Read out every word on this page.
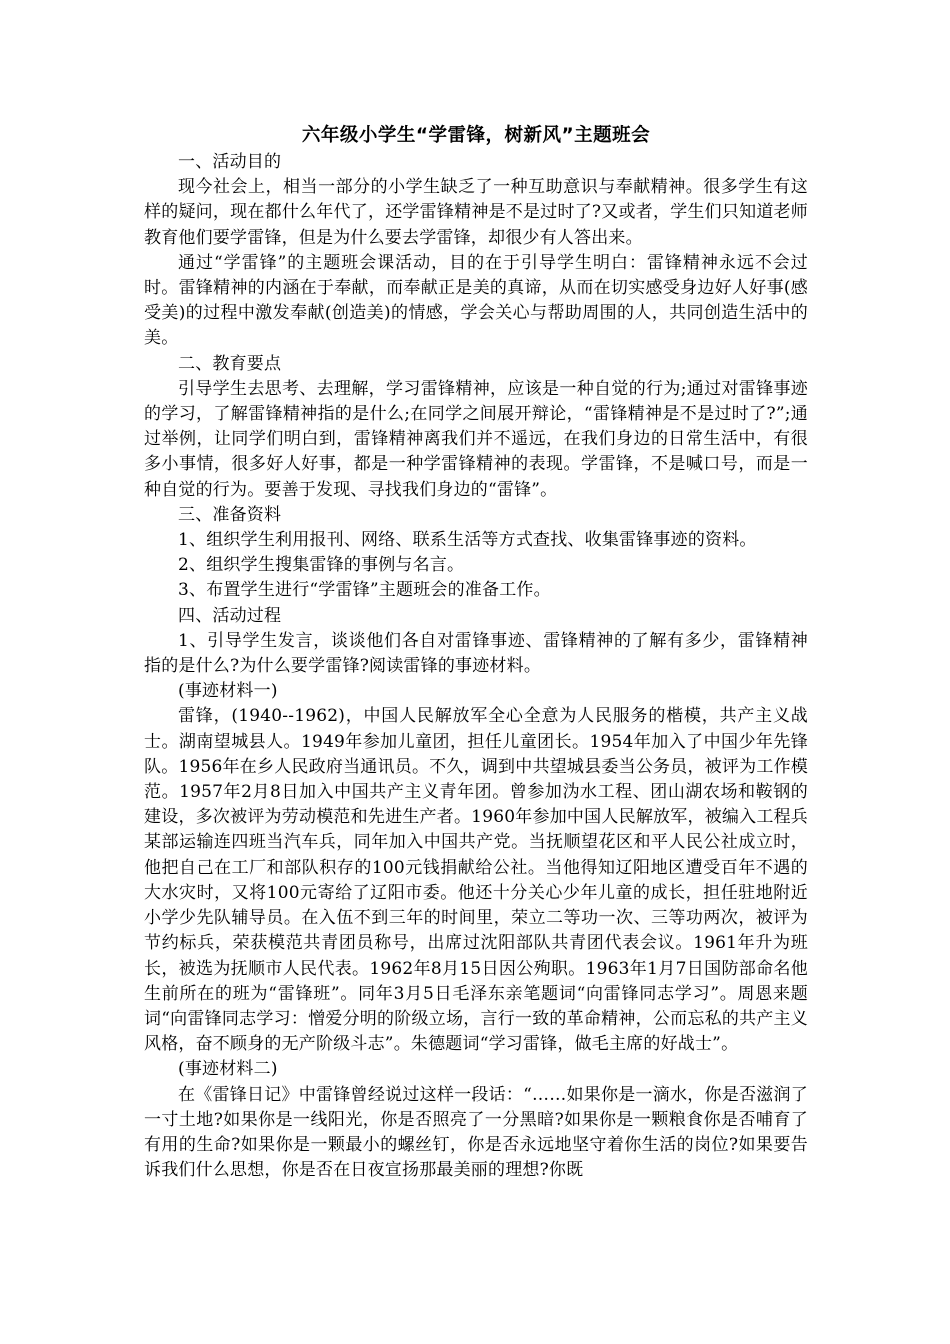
六年级小学生“学雷锋，树新风”主题班会

一、活动目的

现今社会上，相当一部分的小学生缺乏了一种互助意识与奉献精神。很多学生有这样的疑问，现在都什么年代了，还学雷锋精神是不是过时了?又或者，学生们只知道老师教育他们要学雷锋，但是为什么要去学雷锋，却很少有人答出来。

通过“学雷锋”的主题班会课活动，目的在于引导学生明白：雷锋精神永远不会过时。雷锋精神的内涵在于奉献，而奉献正是美的真谛，从而在切实感受身边好人好事(感受美)的过程中激发奉献(创造美)的情感，学会关心与帮助周围的人，共同创造生活中的美。

二、教育要点

引导学生去思考、去理解，学习雷锋精神，应该是一种自觉的行为;通过对雷锋事迹的学习，了解雷锋精神指的是什么;在同学之间展开辩论，“雷锋精神是不是过时了?”;通过举例，让同学们明白到，雷锋精神离我们并不遥远，在我们身边的日常生活中，有很多小事情，很多好人好事，都是一种学雷锋精神的表现。学雷锋，不是喊口号，而是一种自觉的行为。要善于发现、寻找我们身边的“雷锋”。

三、准备资料

1、组织学生利用报刊、网络、联系生活等方式查找、收集雷锋事迹的资料。

2、组织学生搜集雷锋的事例与名言。

3、布置学生进行“学雷锋”主题班会的准备工作。

四、活动过程

1、引导学生发言，谈谈他们各自对雷锋事迹、雷锋精神的了解有多少，雷锋精神指的是什么?为什么要学雷锋?阅读雷锋的事迹材料。

(事迹材料一)

雷锋，(1940--1962)，中国人民解放军全心全意为人民服务的楷模，共产主义战士。湖南望城县人。1949年参加儿童团，担任儿童团长。1954年加入了中国少年先锋队。1956年在乡人民政府当通讯员。不久，调到中共望城县委当公务员，被评为工作模范。1957年2月8日加入中国共产主义青年团。曾参加沩水工程、团山湖农场和鞍钢的建设，多次被评为劳动模范和先进生产者。1960年参加中国人民解放军，被编入工程兵某部运输连四班当汽车兵，同年加入中国共产党。当抚顺望花区和平人民公社成立时，他把自己在工厂和部队积存的100元钱捐献给公社。当他得知辽阳地区遭受百年不遇的大水灾时，又将100元寄给了辽阳市委。他还十分关心少年儿童的成长，担任驻地附近小学少先队辅导员。在入伍不到三年的时间里，荣立二等功一次、三等功两次，被评为节约标兵，荣获模范共青团员称号，出席过沈阳部队共青团代表会议。1961年升为班长，被选为抚顺市人民代表。1962年8月15日因公殉职。1963年1月7日国防部命名他生前所在的班为“雷锋班”。同年3月5日毛泽东亲笔题词“向雷锋同志学习”。周恩来题词“向雷锋同志学习：憎爱分明的阶级立场，言行一致的革命精神，公而忘私的共产主义风格，奋不顾身的无产阶级斗志”。朱德题词“学习雷锋，做毛主席的好战士”。

(事迹材料二)

在《雷锋日记》中雷锋曾经说过这样一段话：“……如果你是一滴水，你是否滋润了一寸土地?如果你是一线阳光，你是否照亮了一分黑暗?如果你是一颗粮食你是否哺育了有用的生命?如果你是一颗最小的螺丝钉，你是否永远地坚守着你生活的岗位?如果要告诉我们什么思想，你是否在日夜宣扬那最美丽的理想?你既
